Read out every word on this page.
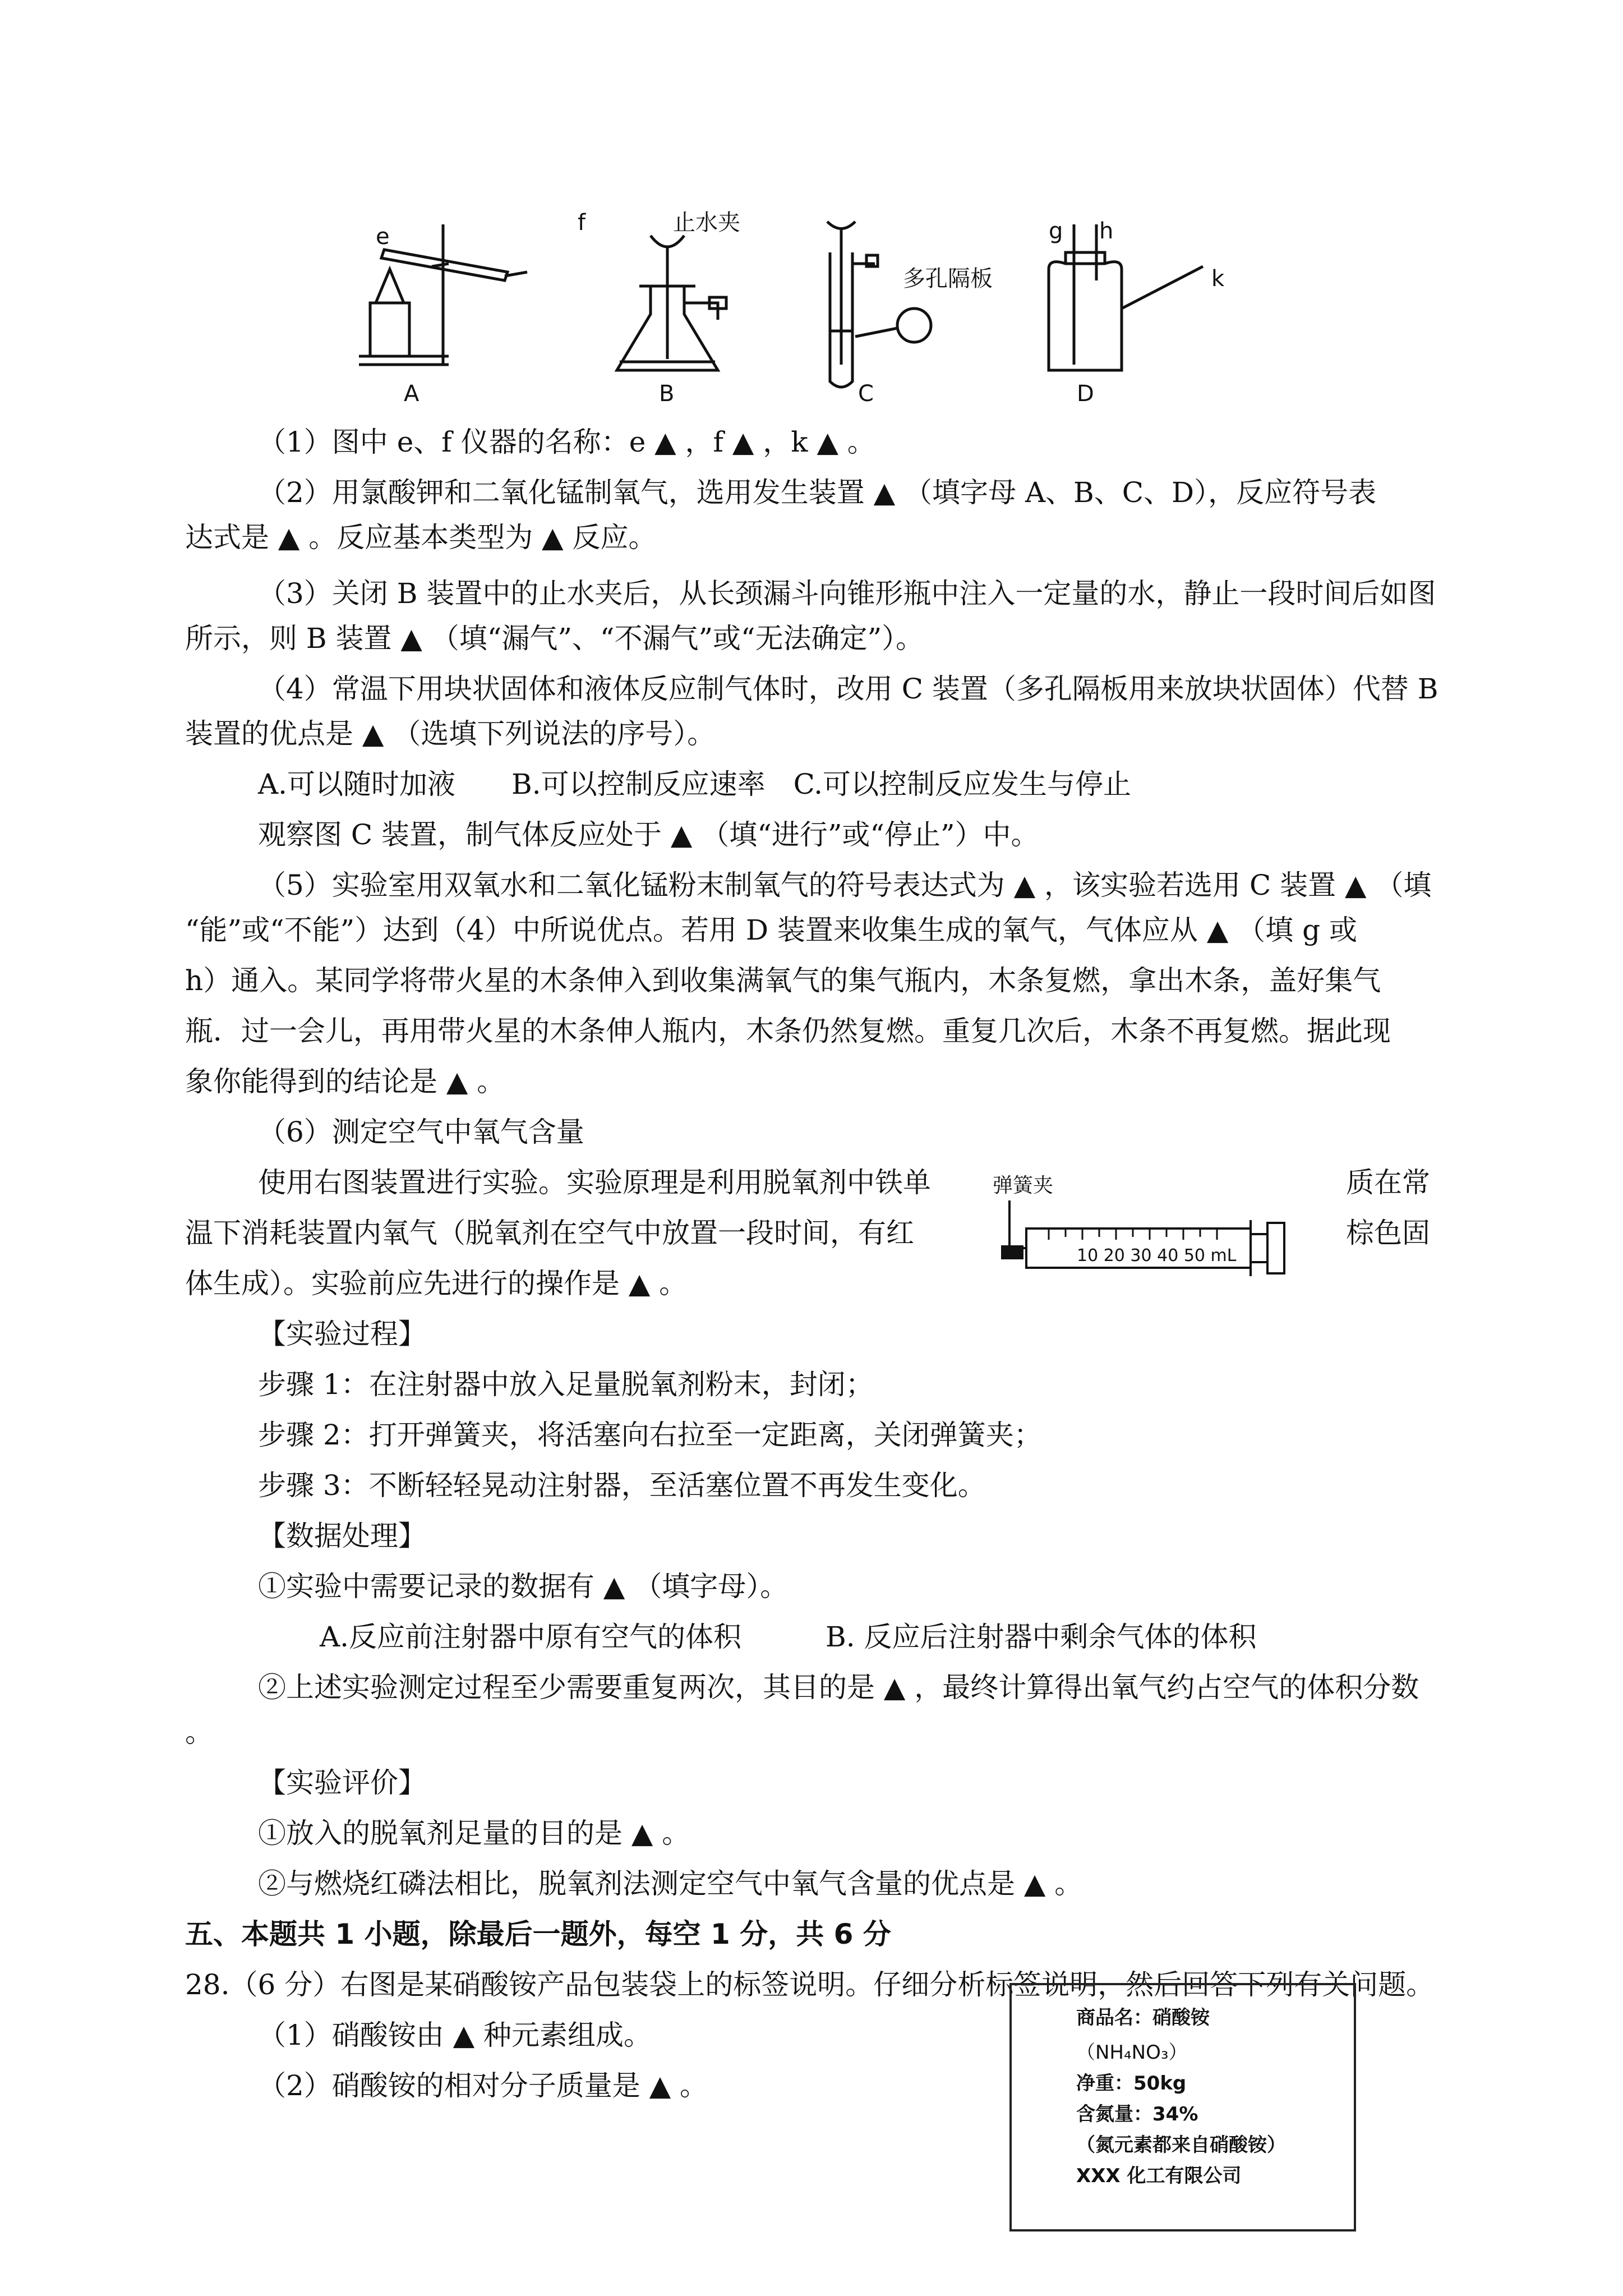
e
f	止水夹
多孔隔板
g h
k
A	B	C	D
（1）图中 e、f 仪器的名称：e ▲ ，f ▲ ，k ▲ 。
（2）用氯酸钾和二氧化锰制氧气，选用发生装置 ▲ （填字母 A、B、C、D），反应符号表
达式是 ▲ 。反应基本类型为 ▲ 反应。
（3）关闭 B 装置中的止水夹后，从长颈漏斗向锥形瓶中注入一定量的水，静止一段时间后如图
所示，则 B 装置 ▲ （填“漏气”、“不漏气”或“无法确定”）。
（4）常温下用块状固体和液体反应制气体时，改用 C 装置（多孔隔板用来放块状固体）代替 B
装置的优点是 ▲ （选填下列说法的序号）。
A.可以随时加液　　B.可以控制反应速率　C.可以控制反应发生与停止
观察图 C 装置，制气体反应处于 ▲ （填“进行”或“停止”）中。
（5）实验室用双氧水和二氧化锰粉末制氧气的符号表达式为 ▲ ，该实验若选用 C 装置 ▲ （填
“能”或“不能”）达到（4）中所说优点。若用 D 装置来收集生成的氧气，气体应从 ▲ （填 g 或
h）通入。某同学将带火星的木条伸入到收集满氧气的集气瓶内，木条复燃，拿出木条，盖好集气
瓶．过一会儿，再用带火星的木条伸人瓶内，木条仍然复燃。重复几次后，木条不再复燃。据此现
象你能得到的结论是 ▲ 。
（6）测定空气中氧气含量
使用右图装置进行实验。实验原理是利用脱氧剂中铁单	质在常
温下消耗装置内氧气（脱氧剂在空气中放置一段时间，有红	棕色固
体生成）。实验前应先进行的操作是 ▲ 。
弹簧夹
10 20 30 40 50 mL
【实验过程】
步骤 1：在注射器中放入足量脱氧剂粉末，封闭；
步骤 2：打开弹簧夹，将活塞向右拉至一定距离，关闭弹簧夹；
步骤 3：不断轻轻晃动注射器，至活塞位置不再发生变化。
【数据处理】
①实验中需要记录的数据有 ▲ （填字母）。
A.反应前注射器中原有空气的体积　　　B. 反应后注射器中剩余气体的体积
②上述实验测定过程至少需要重复两次，其目的是 ▲ ，最终计算得出氧气约占空气的体积分数
。
【实验评价】
①放入的脱氧剂足量的目的是 ▲ 。
②与燃烧红磷法相比，脱氧剂法测定空气中氧气含量的优点是 ▲ 。
五、本题共 1 小题，除最后一题外，每空 1 分，共 6 分
28.（6 分）右图是某硝酸铵产品包装袋上的标签说明。仔细分析标签说明，然后回答下列有关问题。
（1）硝酸铵由 ▲ 种元素组成。
（2）硝酸铵的相对分子质量是 ▲ 。
商品名：硝酸铵
（NH₄NO₃）
净重：50kg
含氮量：34%
（氮元素都来自硝酸铵）
XXX 化工有限公司
